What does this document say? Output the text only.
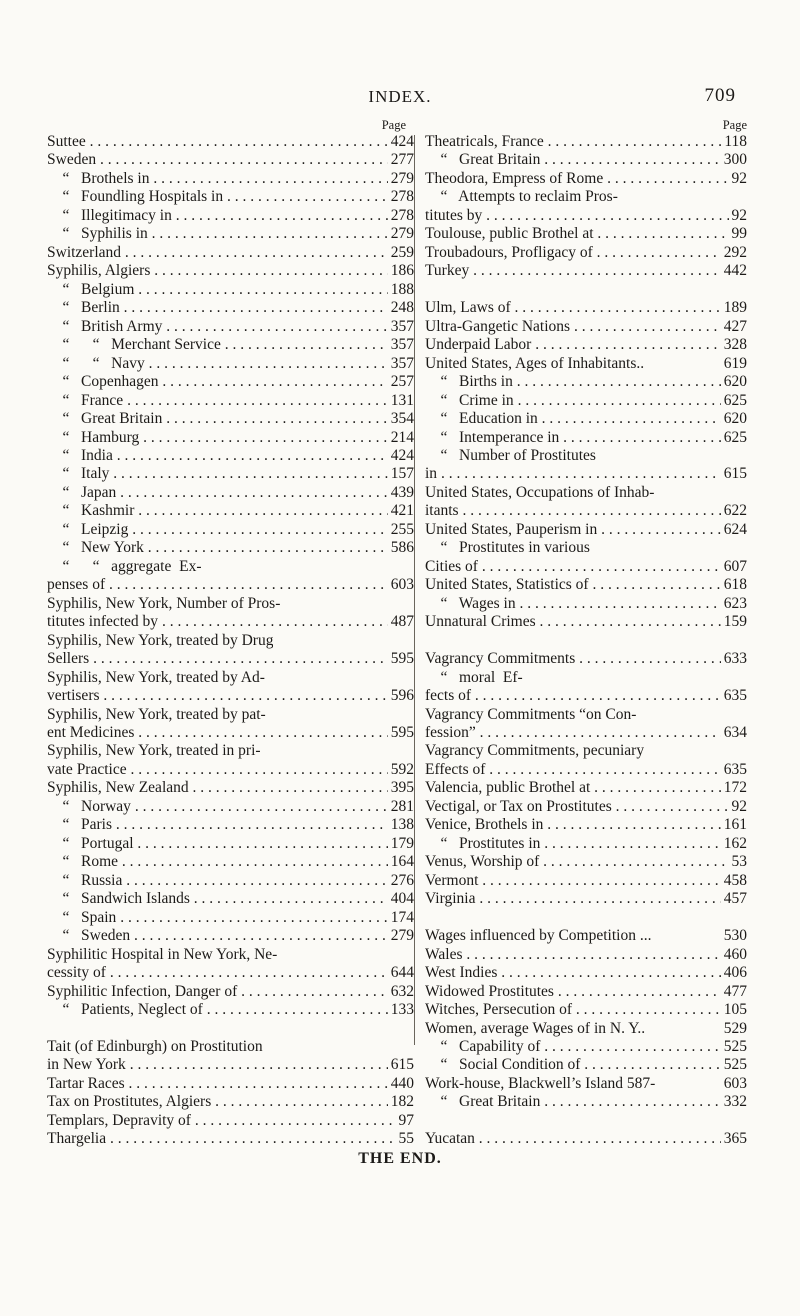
INDEX.	709
Page
Suttee . . .	424
Sweden . . .	277
“   Brothels in . . .	279
“   Foundling Hospitals in . . .	278
“   Illegitimacy in . . .	278
“   Syphilis in . . .	279
Switzerland . . .	259
Syphilis, Algiers . . .	186
“   Belgium . . .	188
“   Berlin . . .	248
“   British Army . . .	357
“      “   Merchant Service . . .	357
“      “   Navy . . .	357
“   Copenhagen . . .	257
“   France . . .	131
“   Great Britain . . .	354
“   Hamburg . . .	214
“   India . . .	424
“   Italy . . .	157
“   Japan . . .	439
“   Kashmir . . .	421
“   Leipzig . . .	255
“   New York . . .	586
“      “   aggregate  Ex-
penses of . . .	603
Syphilis, New York, Number of Pros-
titutes infected by . . .	487
Syphilis, New York, treated by Drug
Sellers . . .	595
Syphilis, New York, treated by Ad-
vertisers . . .	596
Syphilis, New York, treated by pat-
ent Medicines . . .	595
Syphilis, New York, treated in pri-
vate Practice . . .	592
Syphilis, New Zealand . . .	395
“   Norway . . .	281
“   Paris . . .	138
“   Portugal . . .	179
“   Rome . . .	164
“   Russia . . .	276
“   Sandwich Islands . . .	404
“   Spain . . .	174
“   Sweden . . .	279
Syphilitic Hospital in New York, Ne-
cessity of . . .	644
Syphilitic Infection, Danger of . . .	632
“   Patients, Neglect of . . .	133
Tait (of Edinburgh) on Prostitution
in New York . . .	615
Tartar Races . . .	440
Tax on Prostitutes, Algiers . . .	182
Templars, Depravity of . . .	97
Thargelia . . .	55
Page
Theatricals, France . . .	118
“   Great Britain . . .	300
Theodora, Empress of Rome . . .	92
“   Attempts to reclaim Pros-
titutes by . . .	92
Toulouse, public Brothel at . . .	99
Troubadours, Profligacy of . . .	292
Turkey . . .	442
Ulm, Laws of . . .	189
Ultra-Gangetic Nations . . .	427
Underpaid Labor . . .	328
United States, Ages of Inhabitants..	619
“   Births in . . .	620
“   Crime in . . .	625
“   Education in . . .	620
“   Intemperance in . . .	625
“   Number of Prostitutes
in . . .	615
United States, Occupations of Inhab-
itants . . .	622
United States, Pauperism in . . .	624
“   Prostitutes in various
Cities of . . .	607
United States, Statistics of . . .	618
“   Wages in . . .	623
Unnatural Crimes . . .	159
Vagrancy Commitments . . .	633
“   moral  Ef-
fects of . . .	635
Vagrancy Commitments “on Con-
fession” . . .	634
Vagrancy Commitments, pecuniary
Effects of . . .	635
Valencia, public Brothel at . . .	172
Vectigal, or Tax on Prostitutes . . .	92
Venice, Brothels in . . .	161
“   Prostitutes in . . .	162
Venus, Worship of . . .	53
Vermont . . .	458
Virginia . . .	457
Wages influenced by Competition ...	530
Wales . . .	460
West Indies . . .	406
Widowed Prostitutes . . .	477
Witches, Persecution of . . .	105
Women, average Wages of in N. Y..	529
“   Capability of . . .	525
“   Social Condition of . . .	525
Work-house, Blackwell’s Island 587-	603
“   Great Britain . . .	332
Yucatan . . .	365
THE END.
